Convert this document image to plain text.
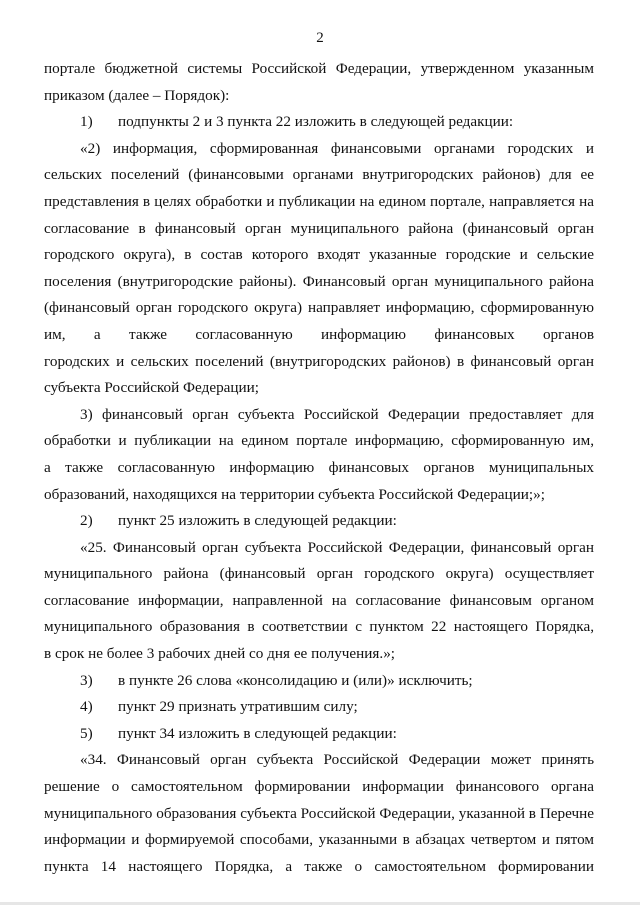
2
портале бюджетной системы Российской Федерации, утвержденном указанным
приказом (далее – Порядок):
1) подпункты 2 и 3 пункта 22 изложить в следующей редакции:
«2) информация, сформированная финансовыми органами городских и
сельских поселений (финансовыми органами внутригородских районов) для ее
представления в целях обработки и публикации на едином портале, направляется на
согласование в финансовый орган муниципального района (финансовый орган
городского округа), в состав которого входят указанные городские и сельские
поселения (внутригородские районы). Финансовый орган муниципального района
(финансовый орган городского округа) направляет информацию, сформированную
им, а также согласованную информацию финансовых органов
городских и сельских поселений (внутригородских районов) в финансовый орган
субъекта Российской Федерации;
3) финансовый орган субъекта Российской Федерации предоставляет для
обработки и публикации на едином портале информацию, сформированную им,
а также согласованную информацию финансовых органов муниципальных
образований, находящихся на территории субъекта Российской Федерации;»;
2) пункт 25 изложить в следующей редакции:
«25. Финансовый орган субъекта Российской Федерации, финансовый орган
муниципального района (финансовый орган городского округа) осуществляет
согласование информации, направленной на согласование финансовым органом
муниципального образования в соответствии с пунктом 22 настоящего Порядка,
в срок не более 3 рабочих дней со дня ее получения.»;
3) в пункте 26 слова «консолидацию и (или)» исключить;
4) пункт 29 признать утратившим силу;
5) пункт 34 изложить в следующей редакции:
«34. Финансовый орган субъекта Российской Федерации может принять
решение о самостоятельном формировании информации финансового органа
муниципального образования субъекта Российской Федерации, указанной в Перечне
информации и формируемой способами, указанными в абзацах четвертом и пятом
пункта 14 настоящего Порядка, а также о самостоятельном формировании
